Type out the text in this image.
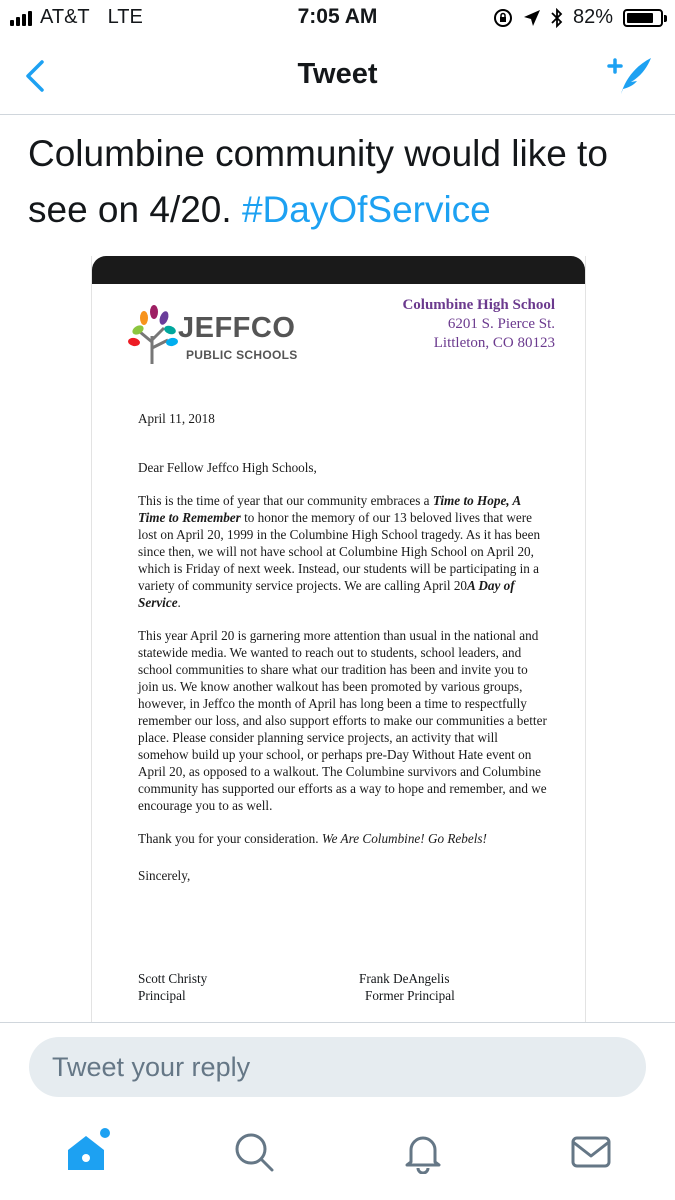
AT&T LTE	7:05 AM	82%
Tweet
Columbine community would like to see on 4/20. #DayOfService
JEFFCO
PUBLIC SCHOOLS
Columbine High School
6201 S. Pierce St.
Littleton, CO 80123

April 11, 2018

Dear Fellow Jeffco High Schools,

This is the time of year that our community embraces a Time to Hope, A Time to Remember to honor the memory of our 13 beloved lives that were lost on April 20, 1999 in the Columbine High School tragedy. As it has been since then, we will not have school at Columbine High School on April 20, which is Friday of next week. Instead, our students will be participating in a variety of community service projects. We are calling April 20A Day of Service.

This year April 20 is garnering more attention than usual in the national and statewide media. We wanted to reach out to students, school leaders, and school communities to share what our tradition has been and invite you to join us. We know another walkout has been promoted by various groups, however, in Jeffco the month of April has long been a time to respectfully remember our loss, and also support efforts to make our communities a better place. Please consider planning service projects, an activity that will somehow build up your school, or perhaps pre-Day Without Hate event on April 20, as opposed to a walkout. The Columbine survivors and Columbine community has supported our efforts as a way to hope and remember, and we encourage you to as well.

Thank you for your consideration. We Are Columbine! Go Rebels!

Sincerely,

Scott Christy
Principal
Frank DeAngelis
Former Principal
Tweet your reply
